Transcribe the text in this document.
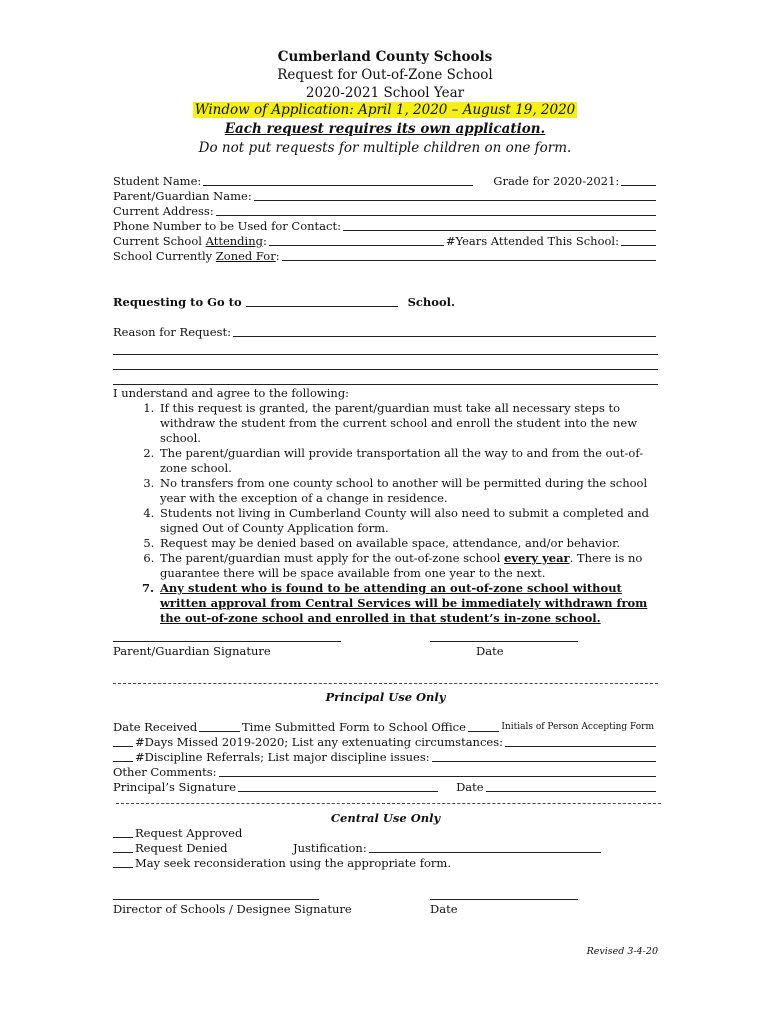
Cumberland County Schools
Request for Out-of-Zone School
2020-2021 School Year
Window of Application: April 1, 2020 – August 19, 2020
Each request requires its own application.
Do not put requests for multiple children on one form.
Student Name:	Grade for 2020-2021:
Parent/Guardian Name:
Current Address:
Phone Number to be Used for Contact:
Current School Attending:	#Years Attended This School:
School Currently Zoned For:
Requesting to Go to	School.
Reason for Request:
I understand and agree to the following:
1. If this request is granted, the parent/guardian must take all necessary steps to withdraw the student from the current school and enroll the student into the new school.
2. The parent/guardian will provide transportation all the way to and from the out-of-zone school.
3. No transfers from one county school to another will be permitted during the school year with the exception of a change in residence.
4. Students not living in Cumberland County will also need to submit a completed and signed Out of County Application form.
5. Request may be denied based on available space, attendance, and/or behavior.
6. The parent/guardian must apply for the out-of-zone school every year. There is no guarantee there will be space available from one year to the next.
7. Any student who is found to be attending an out-of-zone school without written approval from Central Services will be immediately withdrawn from the out-of-zone school and enrolled in that student’s in-zone school.
Parent/Guardian Signature	Date
Principal Use Only
Date Received	Time Submitted Form to School Office	Initials of Person Accepting Form
#Days Missed 2019-2020; List any extenuating circumstances:
#Discipline Referrals; List major discipline issues:
Other Comments:
Principal’s Signature	Date
Central Use Only
Request Approved
Request Denied	Justification:
May seek reconsideration using the appropriate form.
Director of Schools / Designee Signature	Date
Revised 3-4-20
